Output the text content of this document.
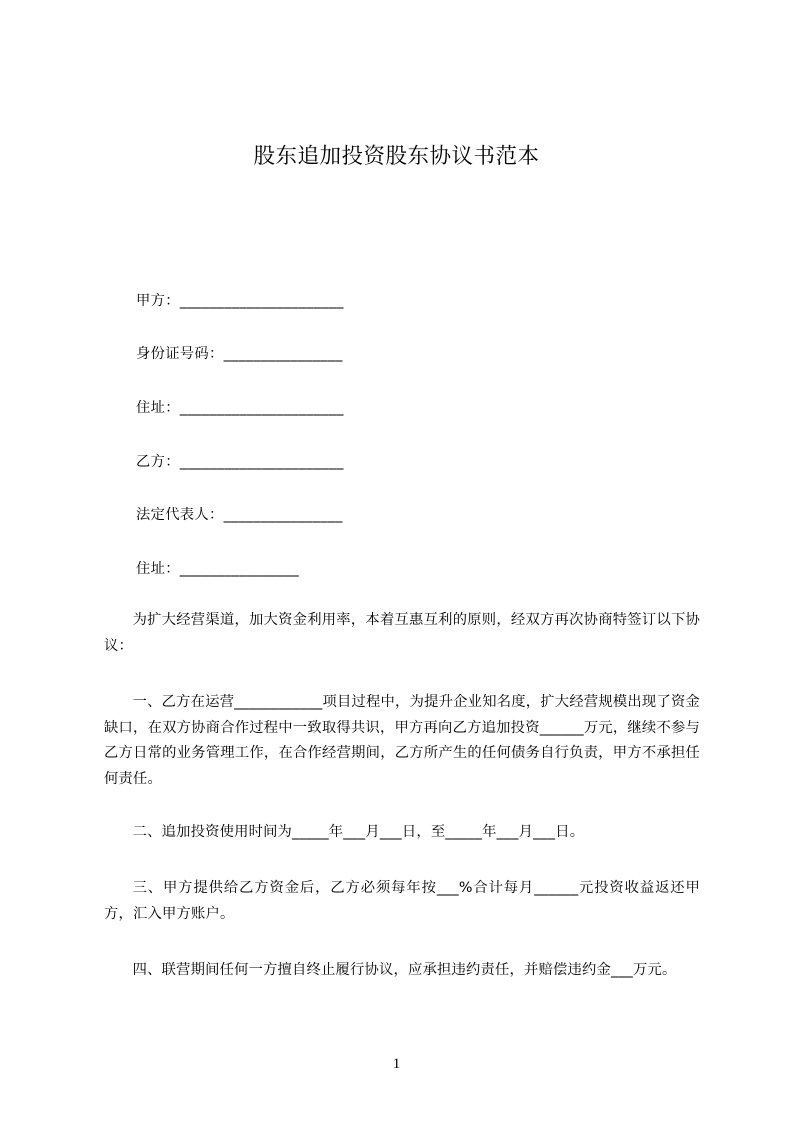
股东追加投资股东协议书范本
甲方：______________________
身份证号码：________________
住址：______________________
乙方：______________________
法定代表人：________________
住址：________________
为扩大经营渠道，加大资金利用率，本着互惠互利的原则，经双方再次协商特签订以下协议：
一、乙方在运营____________项目过程中，为提升企业知名度，扩大经营规模出现了资金缺口，在双方协商合作过程中一致取得共识，甲方再向乙方追加投资______万元，继续不参与乙方日常的业务管理工作，在合作经营期间，乙方所产生的任何债务自行负责，甲方不承担任何责任。
二、追加投资使用时间为_____年___月___日，至_____年___月___日。
三、甲方提供给乙方资金后，乙方必须每年按___%合计每月______元投资收益返还甲方，汇入甲方账户。
四、联营期间任何一方擅自终止履行协议，应承担违约责任，并赔偿违约金___万元。
1
